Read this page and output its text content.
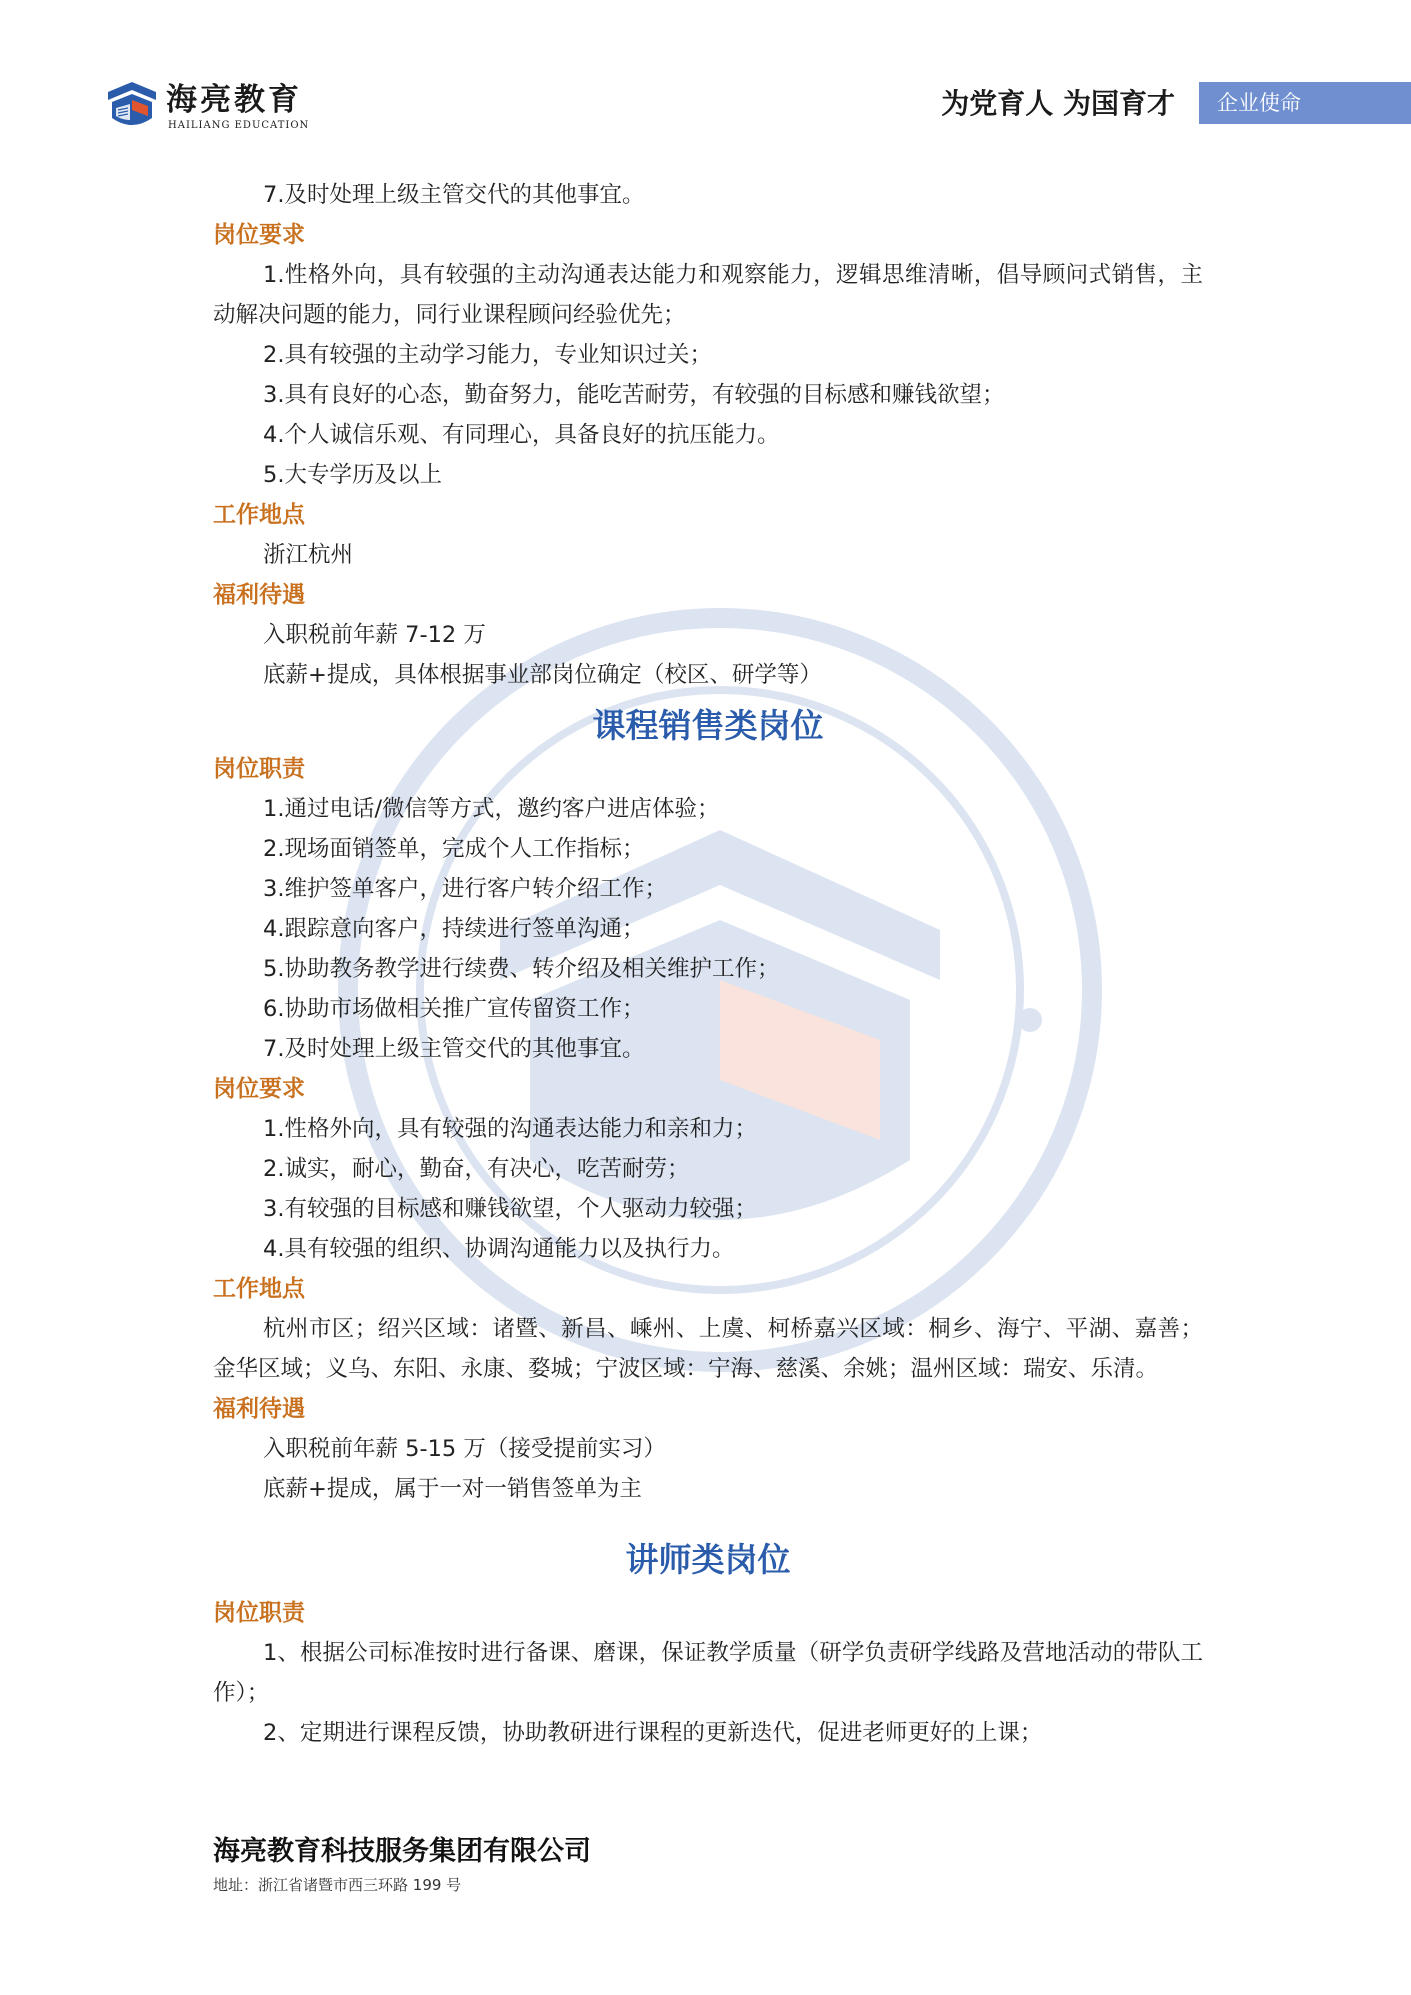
海亮教育
HAILIANG EDUCATION
为党育人 为国育才	企业使命
7.及时处理上级主管交代的其他事宜。
岗位要求
1.性格外向，具有较强的主动沟通表达能力和观察能力，逻辑思维清晰，倡导顾问式销售，主动解决问题的能力，同行业课程顾问经验优先；
2.具有较强的主动学习能力，专业知识过关；
3.具有良好的心态，勤奋努力，能吃苦耐劳，有较强的目标感和赚钱欲望；
4.个人诚信乐观、有同理心，具备良好的抗压能力。
5.大专学历及以上
工作地点
浙江杭州
福利待遇
入职税前年薪 7-12 万
底薪+提成，具体根据事业部岗位确定（校区、研学等）
课程销售类岗位
岗位职责
1.通过电话/微信等方式，邀约客户进店体验；
2.现场面销签单，完成个人工作指标；
3.维护签单客户，进行客户转介绍工作；
4.跟踪意向客户，持续进行签单沟通；
5.协助教务教学进行续费、转介绍及相关维护工作；
6.协助市场做相关推广宣传留资工作；
7.及时处理上级主管交代的其他事宜。
岗位要求
1.性格外向，具有较强的沟通表达能力和亲和力；
2.诚实，耐心，勤奋，有决心，吃苦耐劳；
3.有较强的目标感和赚钱欲望，个人驱动力较强；
4.具有较强的组织、协调沟通能力以及执行力。
工作地点
杭州市区；绍兴区域：诸暨、新昌、嵊州、上虞、柯桥嘉兴区域：桐乡、海宁、平湖、嘉善；金华区域；义乌、东阳、永康、婺城；宁波区域：宁海、慈溪、余姚；温州区域：瑞安、乐清。
福利待遇
入职税前年薪 5-15 万（接受提前实习）
底薪+提成，属于一对一销售签单为主
讲师类岗位
岗位职责
1、根据公司标准按时进行备课、磨课，保证教学质量（研学负责研学线路及营地活动的带队工作）；
2、定期进行课程反馈，协助教研进行课程的更新迭代，促进老师更好的上课；
海亮教育科技服务集团有限公司
地址：浙江省诸暨市西三环路 199 号
